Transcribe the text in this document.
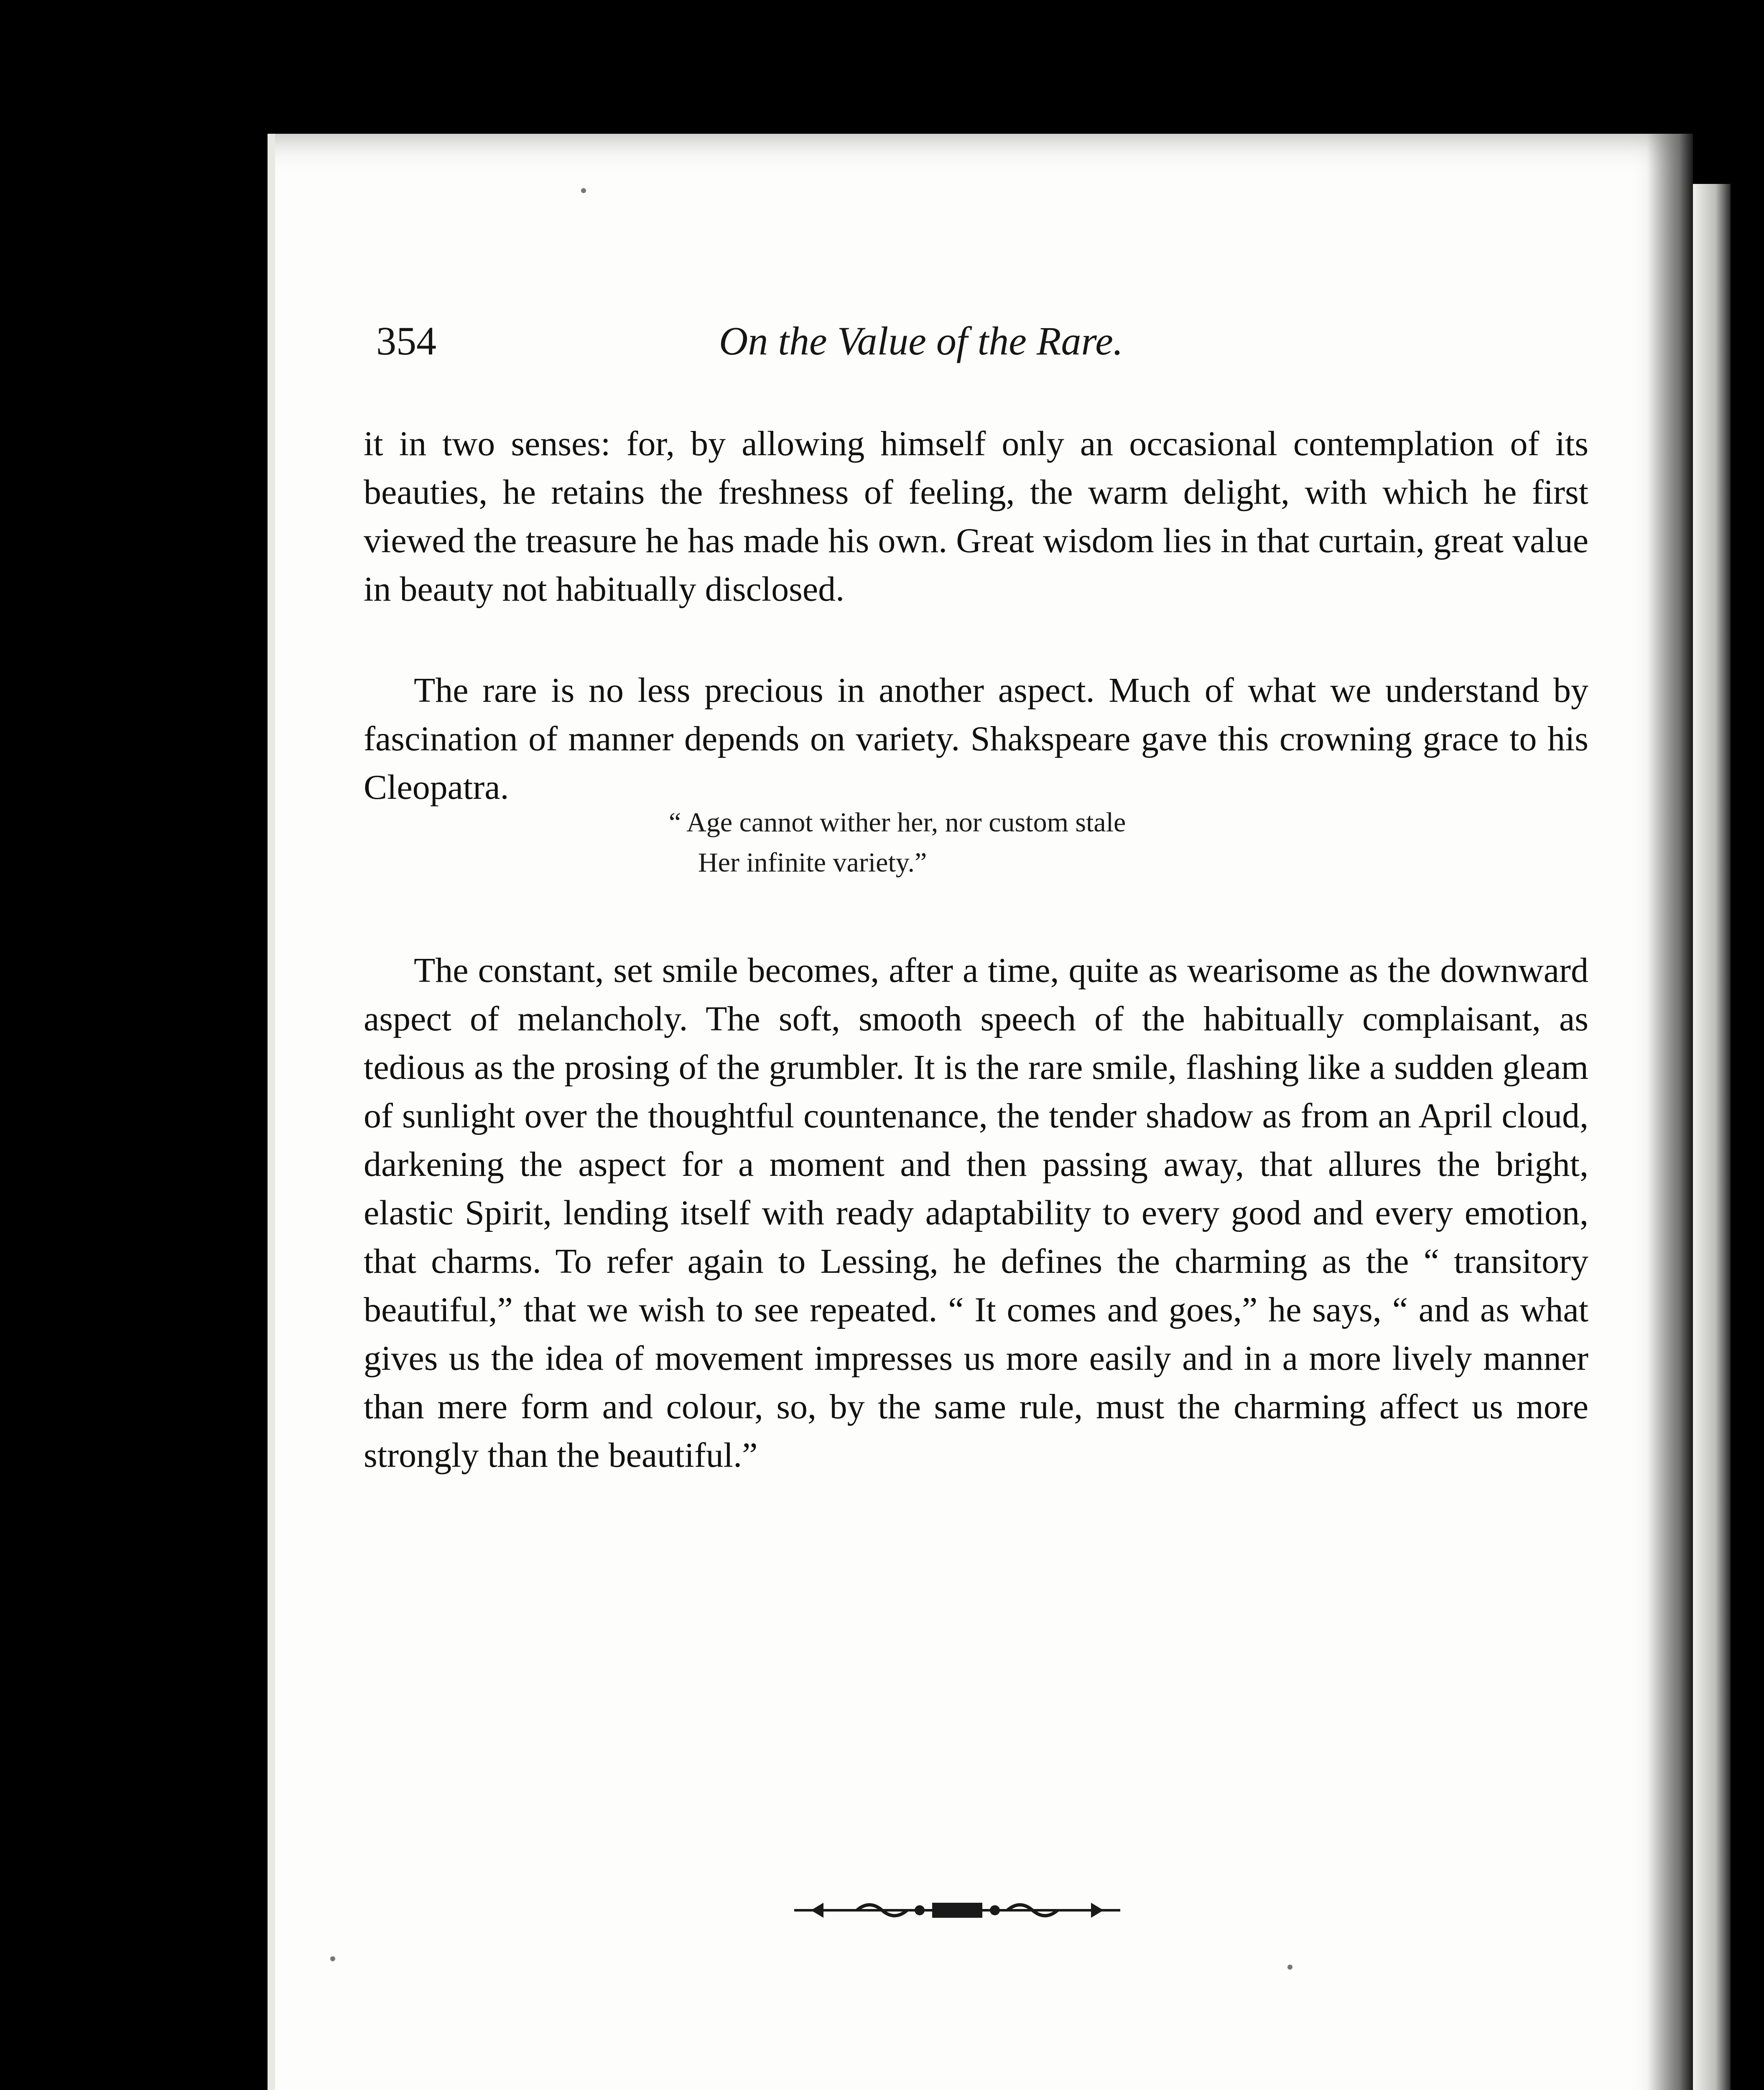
354	On the Value of the Rare.

it in two senses: for, by allowing himself only an occasional contemplation of its beauties, he retains the freshness of feeling, the warm delight, with which he first viewed the treasure he has made his own. Great wisdom lies in that curtain, great value in beauty not habitually disclosed.

The rare is no less precious in another aspect. Much of what we understand by fascination of manner depends on variety. Shakspeare gave this crowning grace to his Cleopatra.

“ Age cannot wither her, nor custom stale
Her infinite variety.”

The constant, set smile becomes, after a time, quite as wearisome as the downward aspect of melancholy. The soft, smooth speech of the habitually complaisant, as tedious as the prosing of the grumbler. It is the rare smile, flashing like a sudden gleam of sunlight over the thoughtful countenance, the tender shadow as from an April cloud, darkening the aspect for a moment and then passing away, that allures the bright, elastic Spirit, lending itself with ready adaptability to every good and every emotion, that charms. To refer again to Lessing, he defines the charming as the “ transitory beautiful,” that we wish to see repeated. “ It comes and goes,” he says, “ and as what gives us the idea of movement impresses us more easily and in a more lively manner than mere form and colour, so, by the same rule, must the charming affect us more strongly than the beautiful.”
